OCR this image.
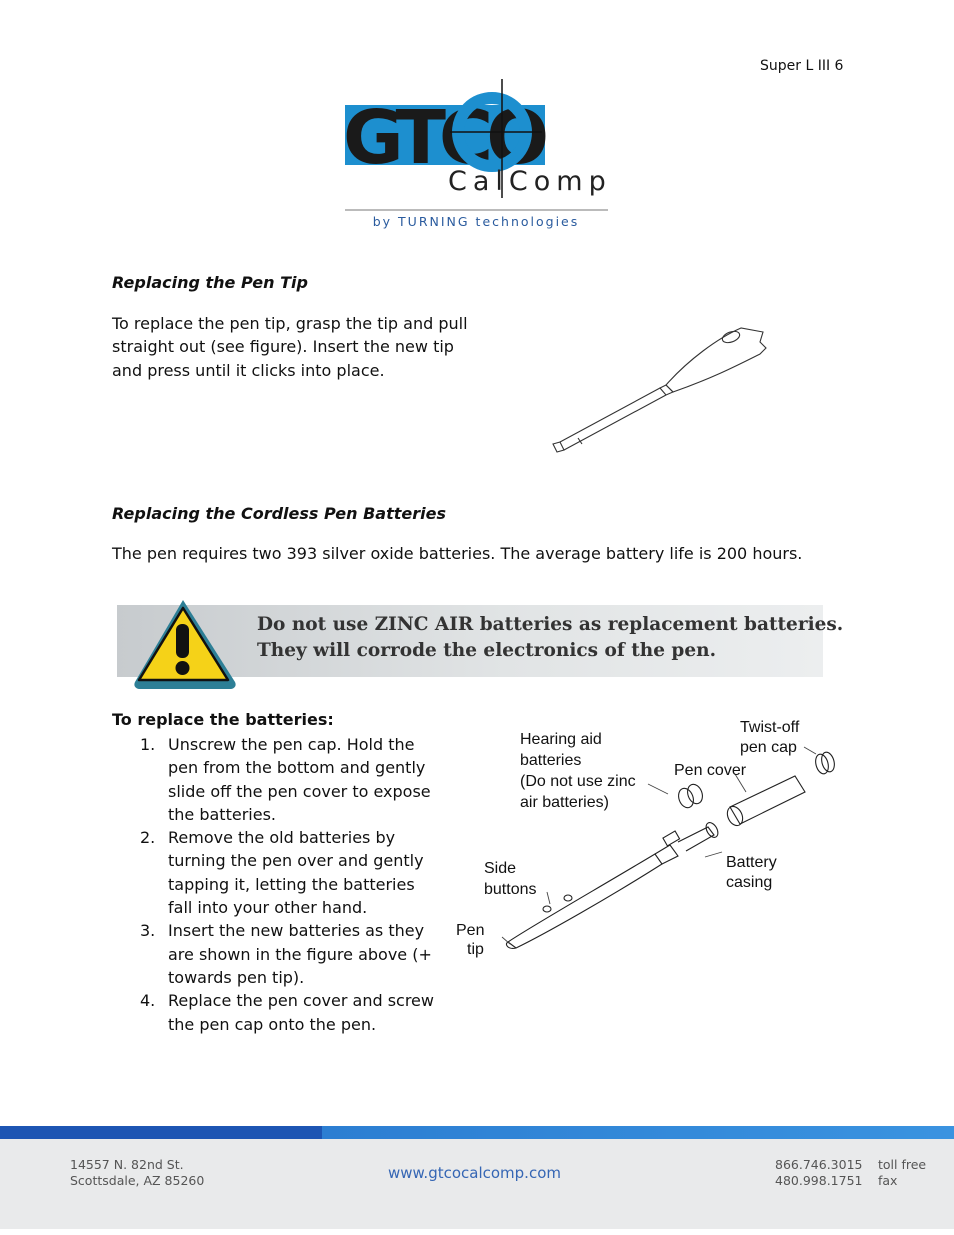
Super L III 6
GTCO
CalComp
by TURNING technologies
Replacing the Pen Tip
To replace the pen tip, grasp the tip and pull straight out (see figure). Insert the new tip and press until it clicks into place.
Replacing the Cordless Pen Batteries
The pen requires two 393 silver oxide batteries. The average battery life is 200 hours.
Do not use ZINC AIR batteries as replacement batteries.
They will corrode the electronics of the pen.
To replace the batteries:
1. Unscrew the pen cap. Hold the pen from the bottom and gently slide off the pen cover to expose the batteries.
2. Remove the old batteries by turning the pen over and gently tapping it, letting the batteries fall into your other hand.
3. Insert the new batteries as they are shown in the figure above (+ towards pen tip).
4. Replace the pen cover and screw the pen cap onto the pen.
Hearing aid
batteries
(Do not use zinc
air batteries)
Twist-off
pen cap
Pen cover
Battery
casing
Side
buttons
Pen
tip
14557 N. 82nd St.
Scottsdale, AZ 85260	www.gtcocalcomp.com	866.746.3015
480.998.1751
toll free
fax
